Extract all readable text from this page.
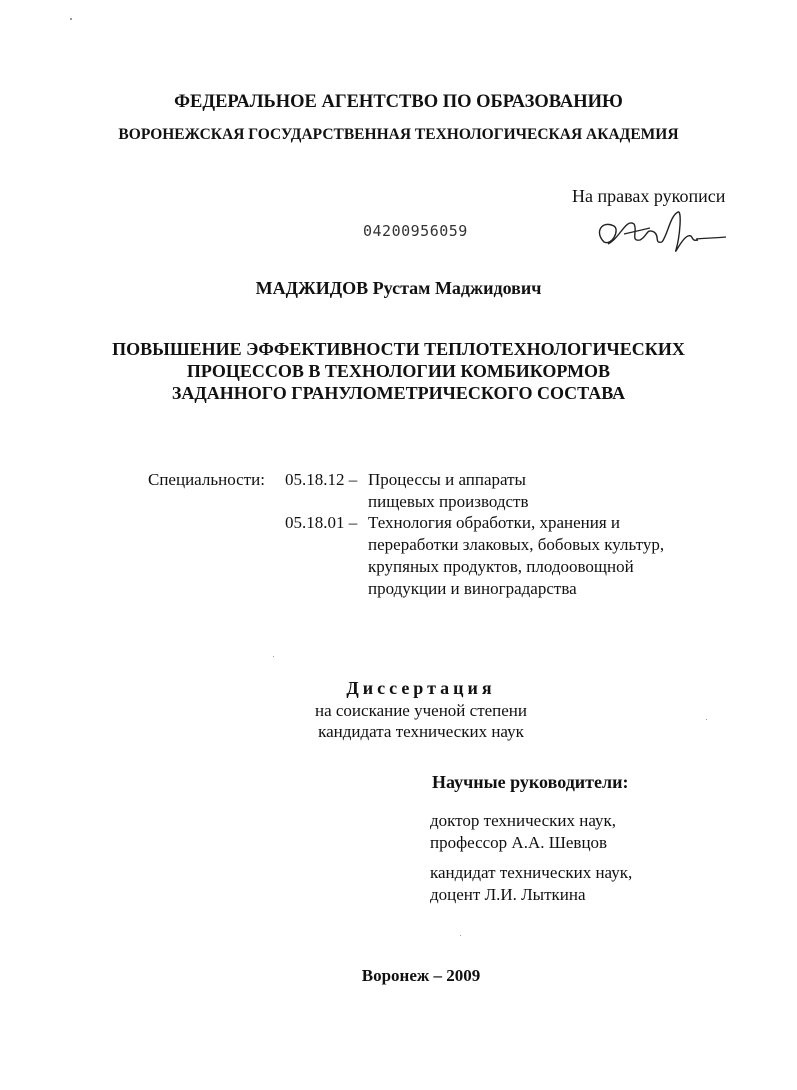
ФЕДЕРАЛЬНОЕ АГЕНТСТВО ПО ОБРАЗОВАНИЮ
ВОРОНЕЖСКАЯ ГОСУДАРСТВЕННАЯ ТЕХНОЛОГИЧЕСКАЯ АКАДЕМИЯ
На правах рукописи
04200956059
МАДЖИДОВ Рустам Маджидович
ПОВЫШЕНИЕ ЭФФЕКТИВНОСТИ ТЕПЛОТЕХНОЛОГИЧЕСКИХ
ПРОЦЕССОВ В ТЕХНОЛОГИИ КОМБИКОРМОВ
ЗАДАННОГО ГРАНУЛОМЕТРИЧЕСКОГО СОСТАВА
Специальности: 05.18.12 – Процессы и аппараты
пищевых производств
05.18.01 – Технология обработки, хранения и
переработки злаковых, бобовых культур,
крупяных продуктов, плодоовощной
продукции и виноградарства
Диссертация
на соискание ученой степени
кандидата технических наук
Научные руководители:
доктор технических наук,
профессор А.А. Шевцов
кандидат технических наук,
доцент Л.И. Лыткина
Воронеж – 2009
